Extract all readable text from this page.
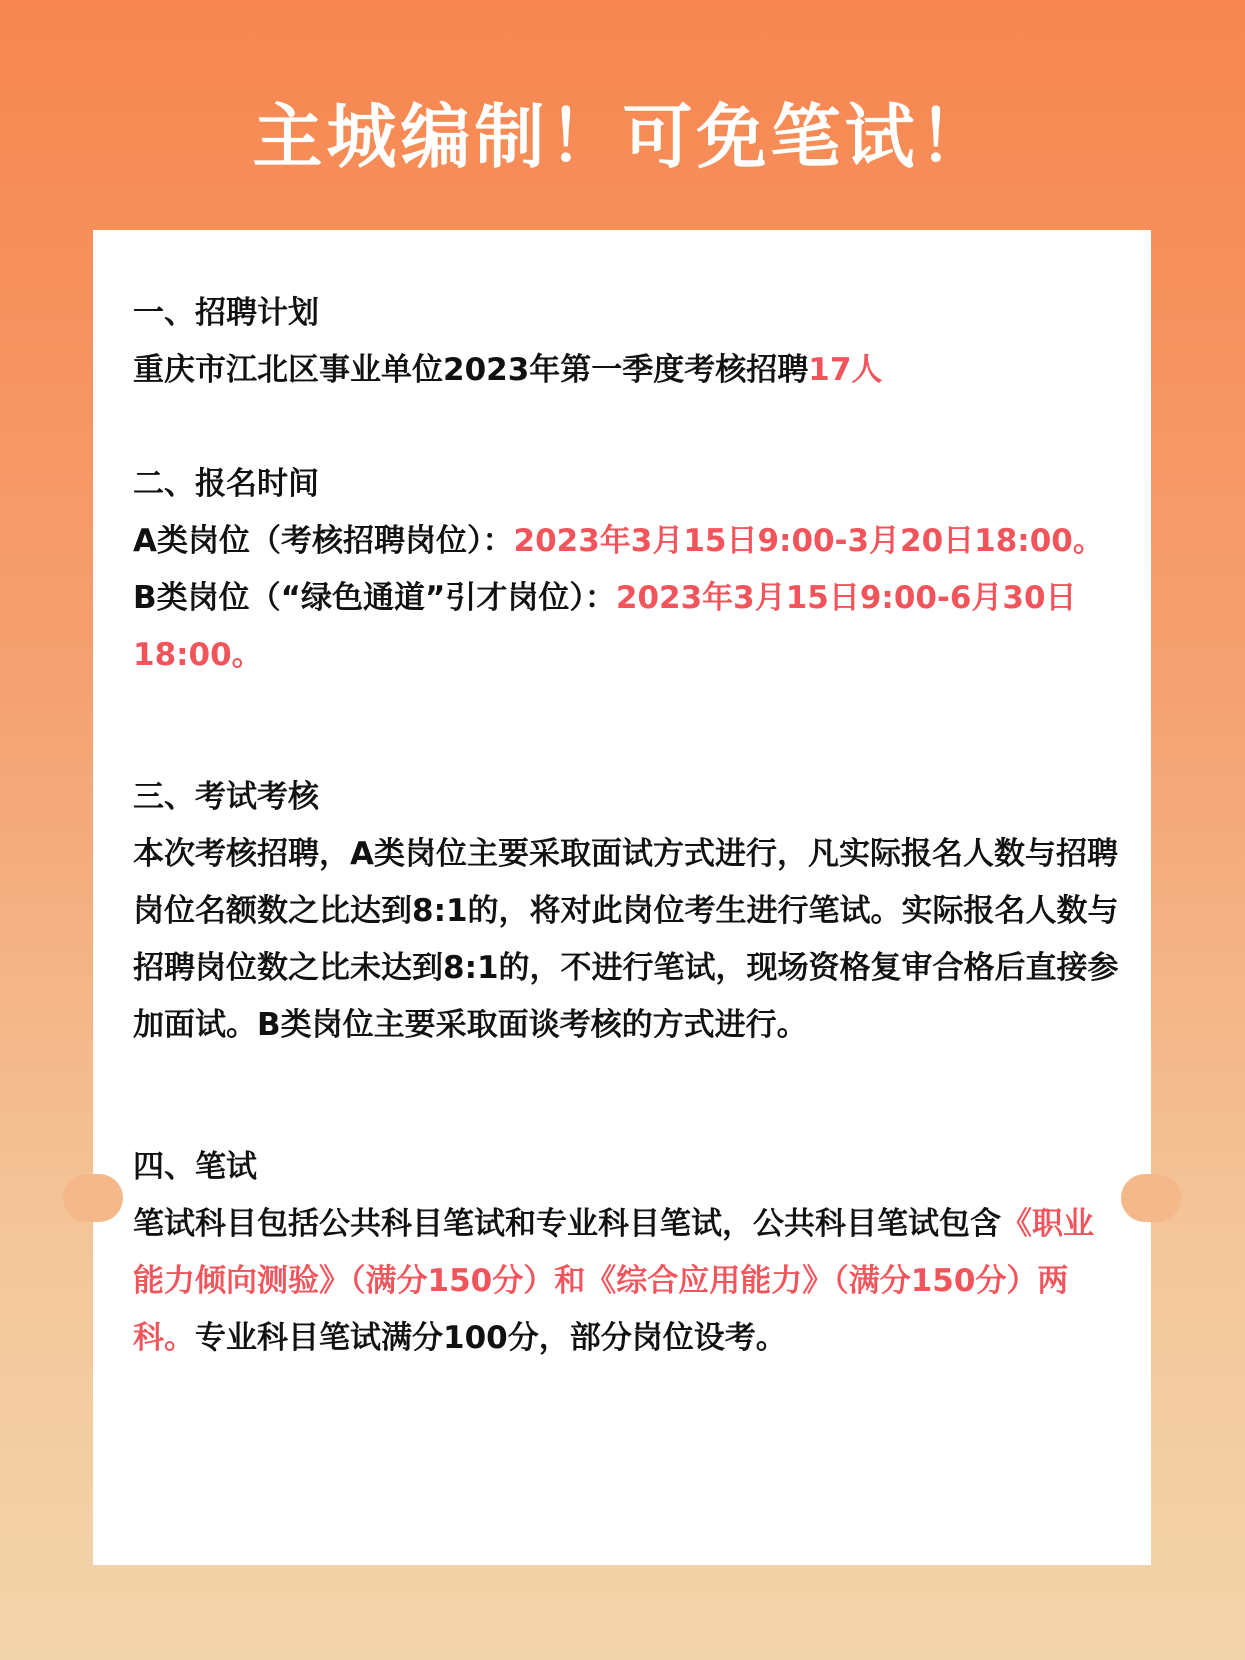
主城编制！可免笔试！

一、招聘计划

重庆市江北区事业单位2023年第一季度考核招聘17人

二、报名时间

A类岗位（考核招聘岗位）：2023年3月15日9:00-3月20日18:00。

B类岗位（“绿色通道”引才岗位）：2023年3月15日9:00-6月30日18:00。

三、考试考核

本次考核招聘，A类岗位主要采取面试方式进行，凡实际报名人数与招聘岗位名额数之比达到8:1的，将对此岗位考生进行笔试。实际报名人数与招聘岗位数之比未达到8:1的，不进行笔试，现场资格复审合格后直接参加面试。B类岗位主要采取面谈考核的方式进行。

四、笔试

笔试科目包括公共科目笔试和专业科目笔试，公共科目笔试包含《职业能力倾向测验》（满分150分）和《综合应用能力》（满分150分）两科。专业科目笔试满分100分，部分岗位设考。
